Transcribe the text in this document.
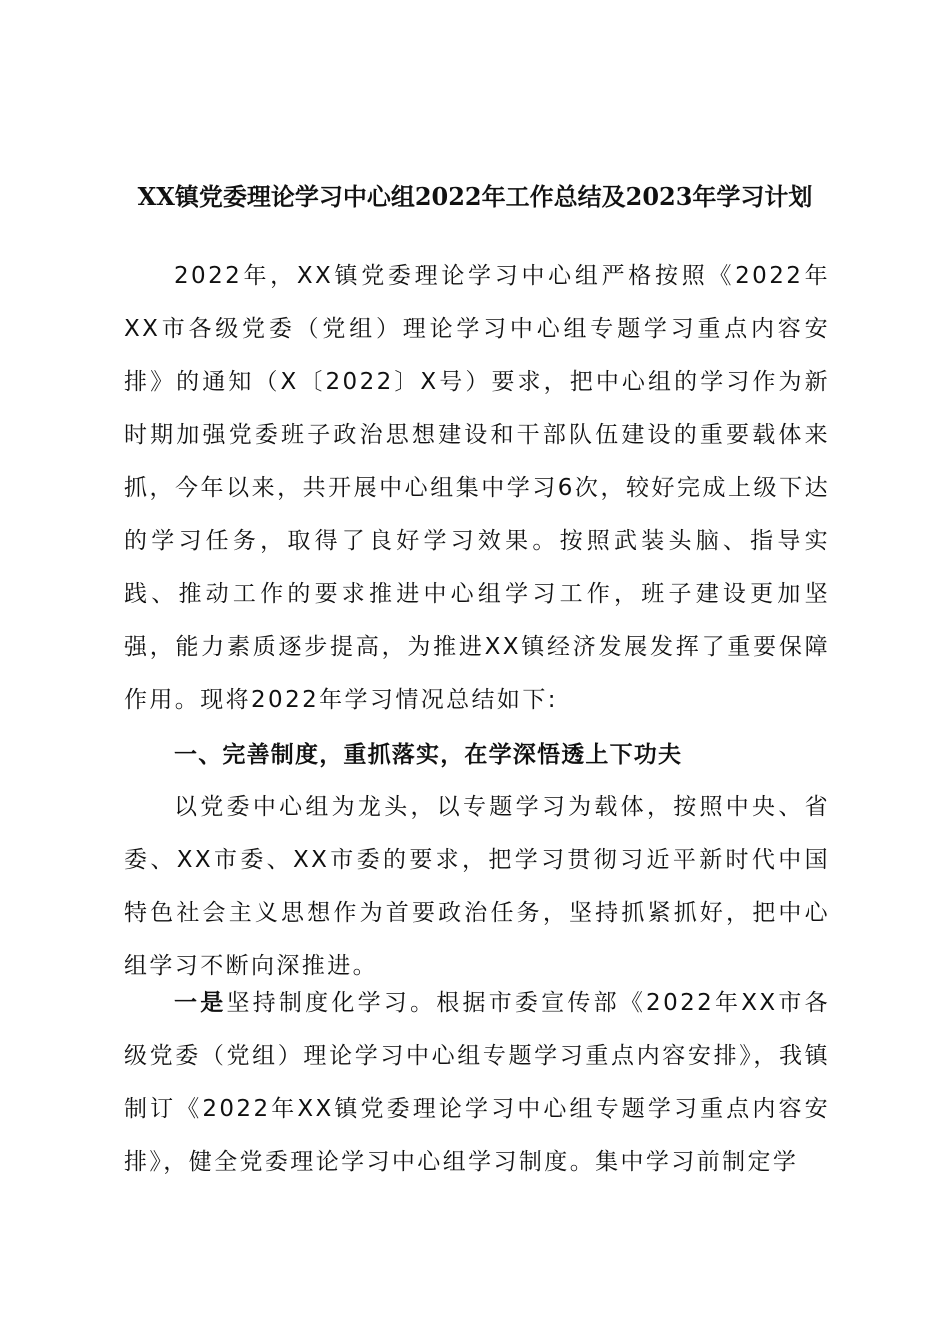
XX镇党委理论学习中心组2022年工作总结及2023年学习计划

2022年，XX镇党委理论学习中心组严格按照《2022年XX市各级党委（党组）理论学习中心组专题学习重点内容安排》的通知（X〔2022〕X号）要求，把中心组的学习作为新时期加强党委班子政治思想建设和干部队伍建设的重要载体来抓，今年以来，共开展中心组集中学习6次，较好完成上级下达的学习任务，取得了良好学习效果。按照武装头脑、指导实践、推动工作的要求推进中心组学习工作，班子建设更加坚强，能力素质逐步提高，为推进XX镇经济发展发挥了重要保障作用。现将2022年学习情况总结如下:

一、完善制度，重抓落实，在学深悟透上下功夫

以党委中心组为龙头，以专题学习为载体，按照中央、省委、XX市委、XX市委的要求，把学习贯彻习近平新时代中国特色社会主义思想作为首要政治任务，坚持抓紧抓好，把中心组学习不断向深推进。

一是坚持制度化学习。根据市委宣传部《2022年XX市各级党委（党组）理论学习中心组专题学习重点内容安排》，我镇制订《2022年XX镇党委理论学习中心组专题学习重点内容安排》，健全党委理论学习中心组学习制度。集中学习前制定学
